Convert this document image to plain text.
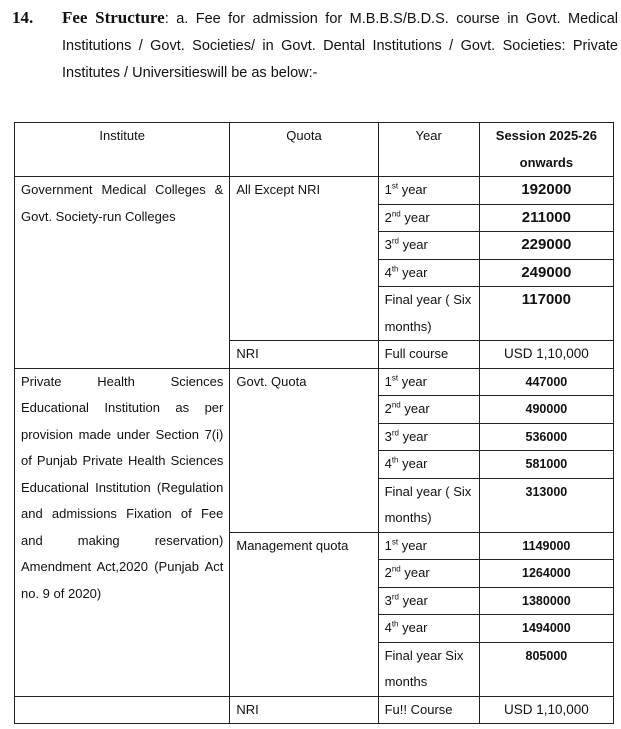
14. Fee Structure: a. Fee for admission for M.B.B.S/B.D.S. course in Govt. Medical Institutions / Govt. Societies/ in Govt. Dental Institutions / Govt. Societies: Private Institutes / Universitieswill be as below:-
Institute	Quota	Year	Session 2025-26 onwards
Government Medical Colleges & Govt. Society-run Colleges	All Except NRI	1st year	192000
		2nd year	211000
		3rd year	229000
		4th year	249000
		Final year ( Six months)	117000
	NRI	Full course	USD 1,10,000
Private Health Sciences Educational Institution as per provision made under Section 7(i) of Punjab Private Health Sciences Educational Institution (Regulation and admissions Fixation of Fee and making reservation) Amendment Act,2020 (Punjab Act no. 9 of 2020)	Govt. Quota	1st year	447000
		2nd year	490000
		3rd year	536000
		4th year	581000
		Final year ( Six months)	313000
	Management quota	1st year	1149000
		2nd year	1264000
		3rd year	1380000
		4th year	1494000
		Final year Six months	805000
	NRI	Fu!! Course	USD 1,10,000
